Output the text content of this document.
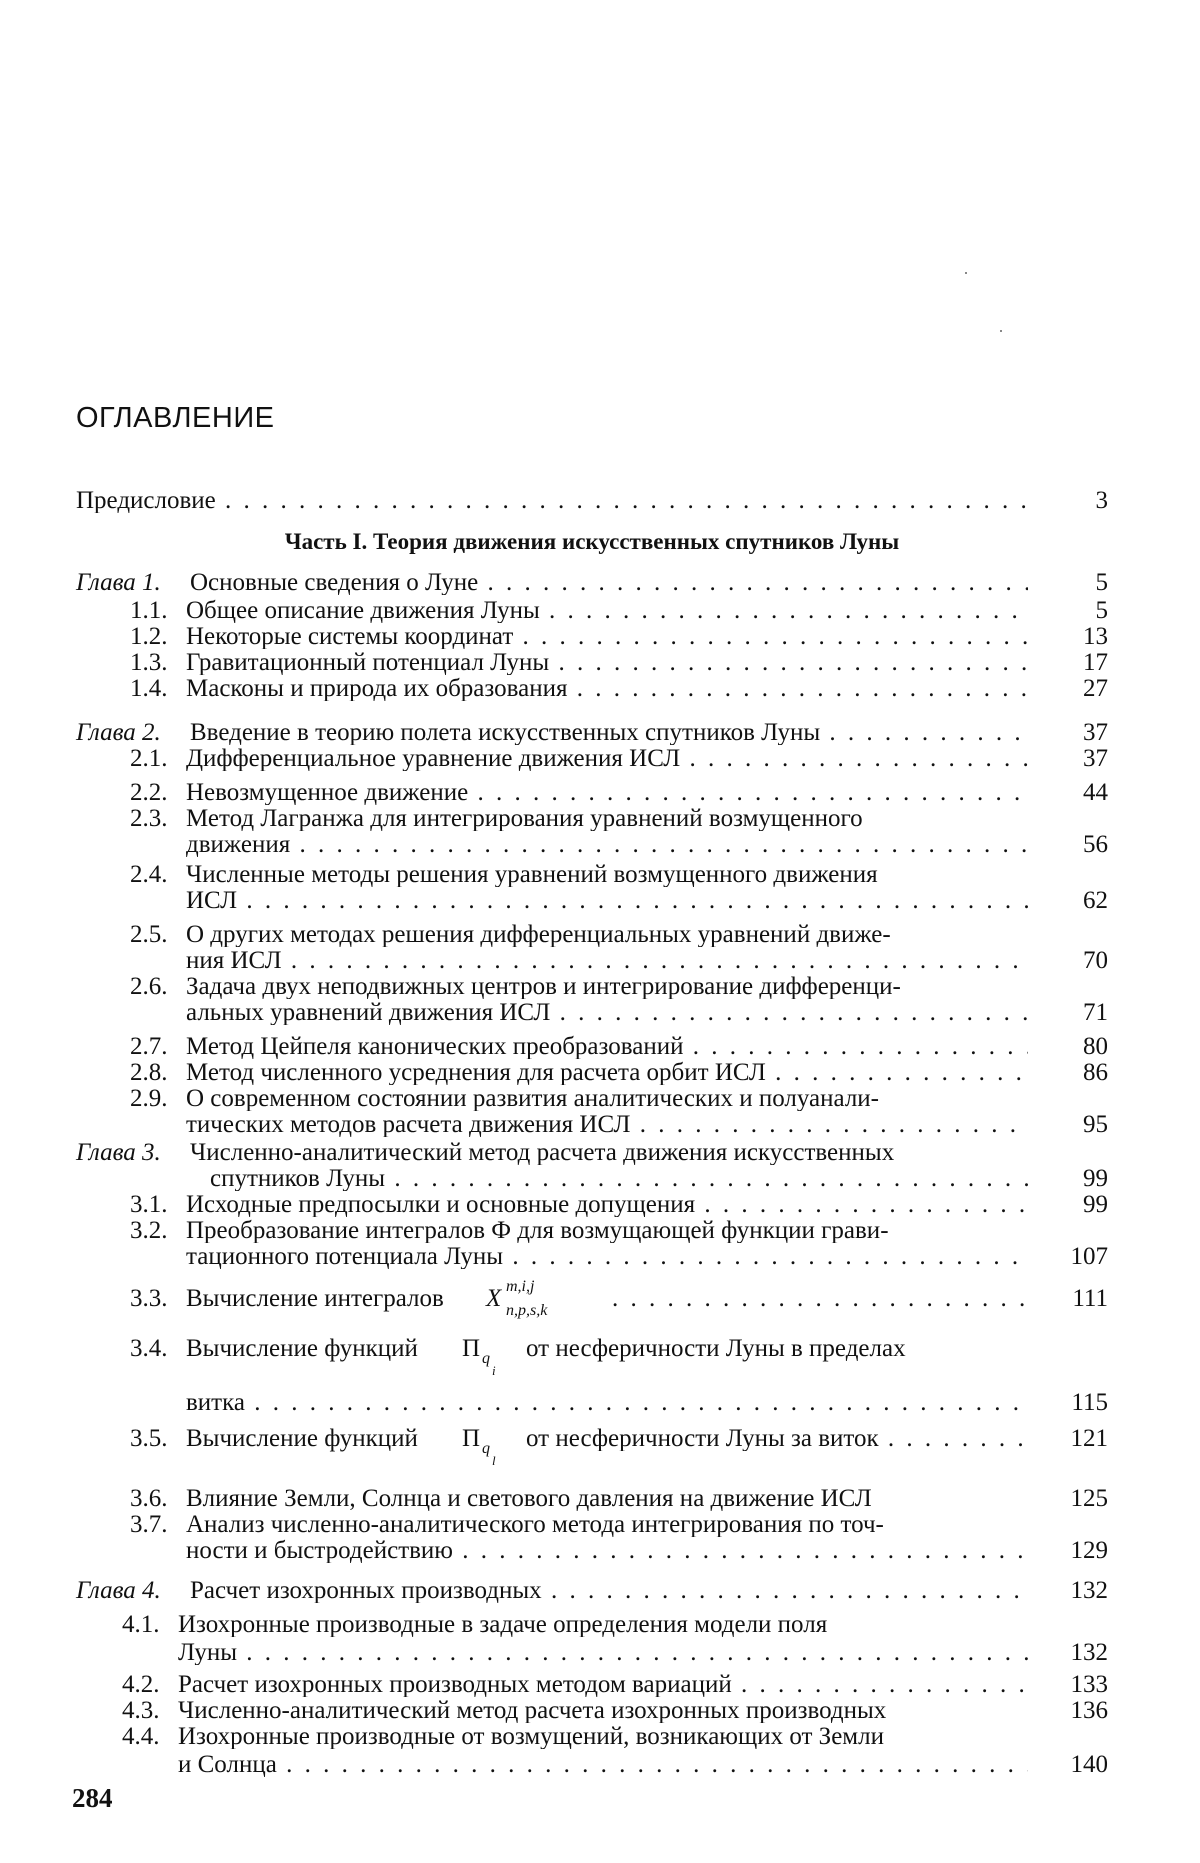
ОГЛАВЛЕНИЕ
Предисловие . . .	3
Часть I. Теория движения искусственных спутников Луны
Глава 1. Основные сведения о Луне . . .	5
1.1. Общее описание движения Луны . . .	5
1.2. Некоторые системы координат . . .	13
1.3. Гравитационный потенциал Луны . . .	17
1.4. Масконы и природа их образования . . .	27
Глава 2. Введение в теорию полета искусственных спутников Луны . . .	37
2.1. Дифференциальное уравнение движения ИСЛ . . .	37
2.2. Невозмущенное движение . . .	44
2.3. Метод Лагранжа для интегрирования уравнений возмущенного
движения . . .	56
2.4. Численные методы решения уравнений возмущенного движения
ИСЛ . . .	62
2.5. О других методах решения дифференциальных уравнений движе-
ния ИСЛ . . .	70
2.6. Задача двух неподвижных центров и интегрирование дифференци-
альных уравнений движения ИСЛ . . .	71
2.7. Метод Цейпеля канонических преобразований . . .	80
2.8. Метод численного усреднения для расчета орбит ИСЛ . . .	86
2.9. О современном состоянии развития аналитических и полуанали-
тических методов расчета движения ИСЛ . . .	95
Глава 3. Численно-аналитический метод расчета движения искусственных
спутников Луны . . .	99
3.1. Исходные предпосылки и основные допущения . . .	99
3.2. Преобразование интегралов Ф для возмущающей функции грави-
тационного потенциала Луны . . .	107
3.3. Вычисление интегралов X m,i,j
n,p,s,k . . .	111
3.4. Вычисление функций П q
i
от несферичности Луны в пределах
витка . . .	115
3.5. Вычисление функций П q
l
от несферичности Луны за виток . . .	121
3.6. Влияние Земли, Солнца и светового давления на движение ИСЛ	125
3.7. Анализ численно-аналитического метода интегрирования по точ-
ности и быстродействию . . .	129
Глава 4. Расчет изохронных производных . . .	132
4.1. Изохронные производные в задаче определения модели поля
Луны . . .	132
4.2. Расчет изохронных производных методом вариаций . . .	133
4.3. Численно-аналитический метод расчета изохронных производных	136
4.4. Изохронные производные от возмущений, возникающих от Земли
и Солнца . . .	140
284
